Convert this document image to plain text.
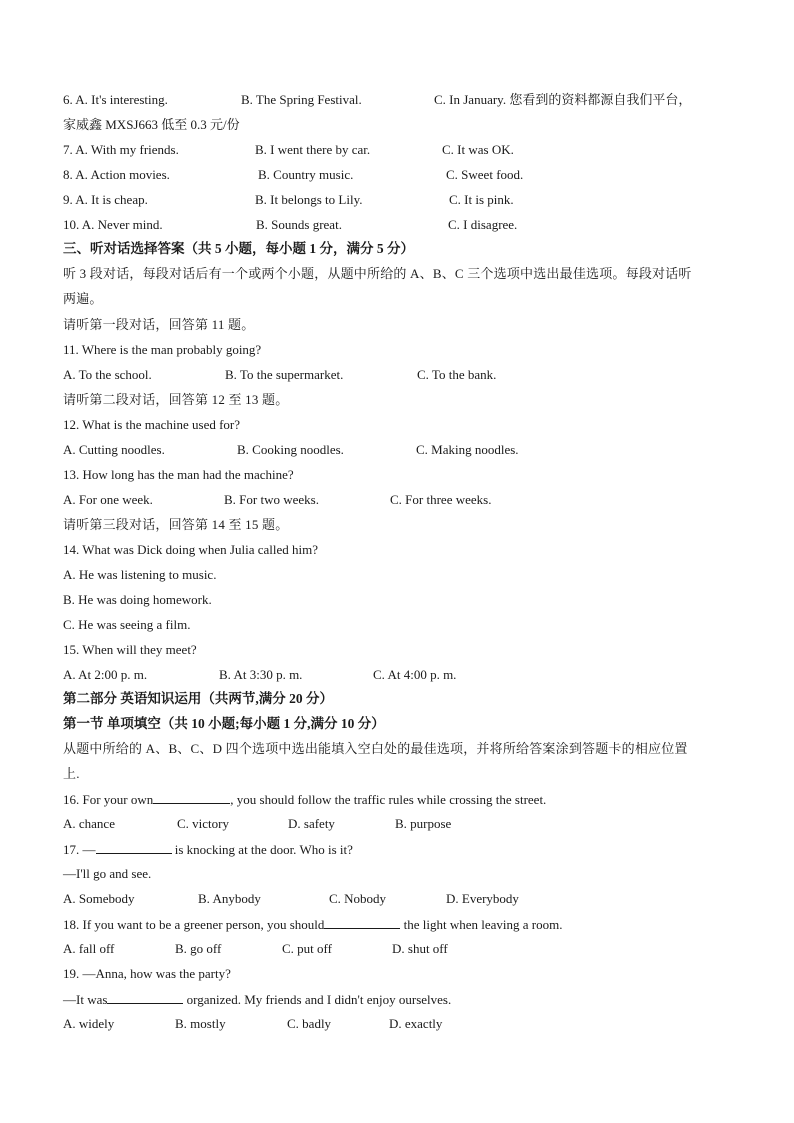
6. A. It's interesting.	B. The Spring Festival.	C. In January. 您看到的资料都源自我们平台，
家威鑫 MXSJ663 低至 0.3 元/份
7. A. With my friends.	B. I went there by car.	C. It was OK.
8. A. Action movies.	B. Country music.	C. Sweet food.
9. A. It is cheap.	B. It belongs to Lily.	C. It is pink.
10. A. Never mind.	B. Sounds great.	C. I disagree.
三、听对话选择答案（共 5 小题，每小题 1 分，满分 5 分）
听 3 段对话，每段对话后有一个或两个小题，从题中所给的 A、B、C 三个选项中选出最佳选项。每段对话听
两遍。
请听第一段对话，回答第 11 题。
11. Where is the man probably going?
A. To the school.	B. To the supermarket.	C. To the bank.
请听第二段对话，回答第 12 至 13 题。
12. What is the machine used for?
A. Cutting noodles.	B. Cooking noodles.	C. Making noodles.
13. How long has the man had the machine?
A. For one week.	B. For two weeks.	C. For three weeks.
请听第三段对话，回答第 14 至 15 题。
14. What was Dick doing when Julia called him?
A. He was listening to music.
B. He was doing homework.
C. He was seeing a film.
15. When will they meet?
A. At 2:00 p. m.	B. At 3:30 p. m.	C. At 4:00 p. m.
第二部分 英语知识运用（共两节,满分 20 分）
第一节 单项填空（共 10 小题;每小题 1 分,满分 10 分）
从题中所给的 A、B、C、D 四个选项中选出能填入空白处的最佳选项，并将所给答案涂到答题卡的相应位置
上.
16. For your own	, you should follow the traffic rules while crossing the street.
A. chance	C. victory	D. safety	B. purpose
17. —	is knocking at the door. Who is it?
—I'll go and see.
A. Somebody	B. Anybody	C. Nobody	D. Everybody
18. If you want to be a greener person, you should	the light when leaving a room.
A. fall off	B. go off	C. put off	D. shut off
19. —Anna, how was the party?
—It was	organized. My friends and I didn't enjoy ourselves.
A. widely	B. mostly	C. badly	D. exactly
